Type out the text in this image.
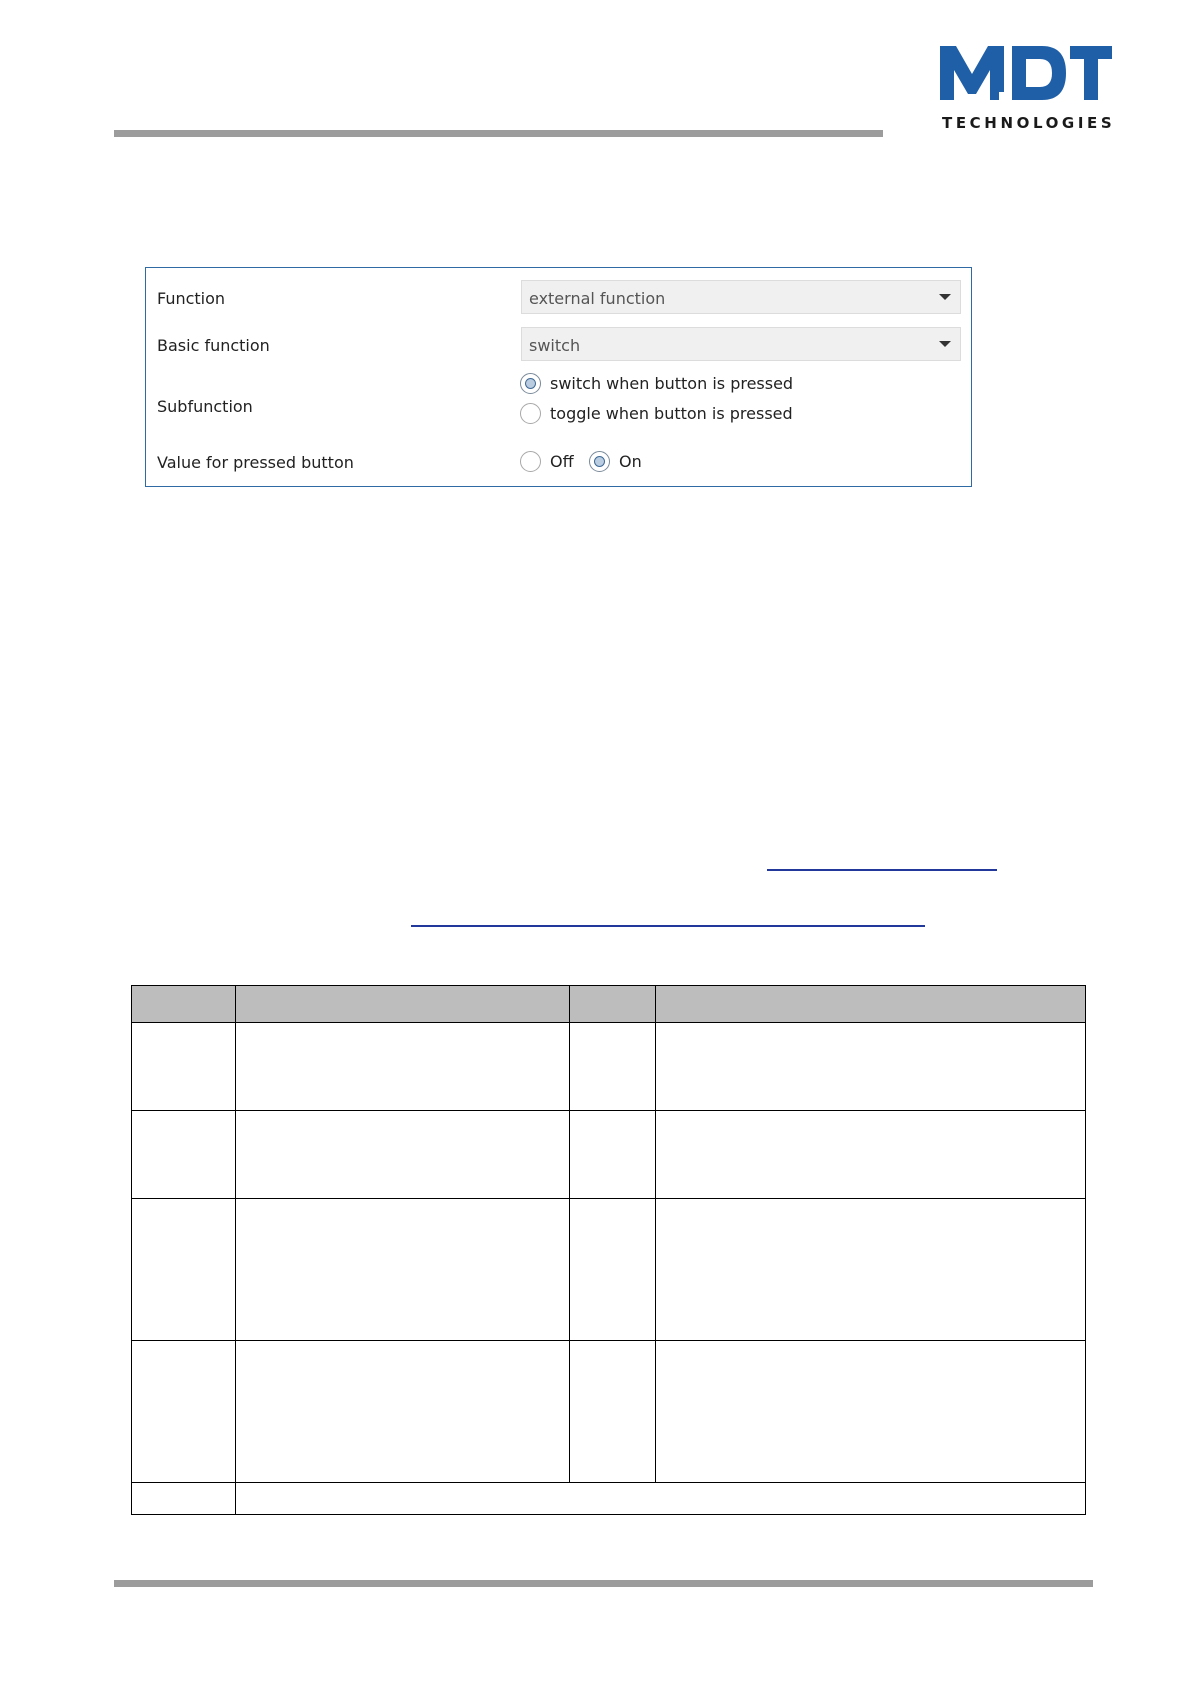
TECHNOLOGIES
Function	external function
Basic function	switch
Subfunction
switch when button is pressed
toggle when button is pressed
Value for pressed button	Off	On
